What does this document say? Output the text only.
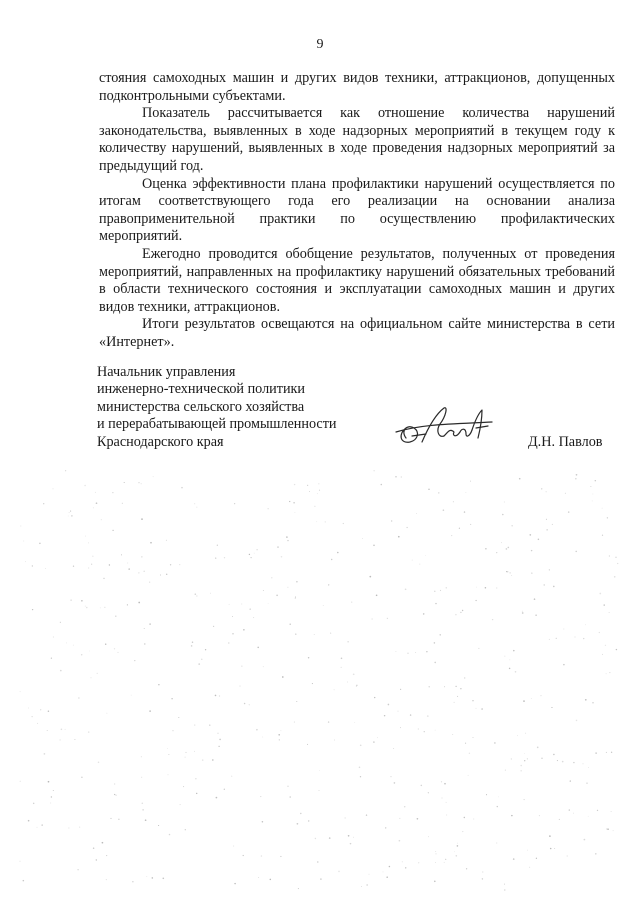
9

стояния самоходных машин и других видов техники, аттракционов, допущенных подконтрольными субъектами.

Показатель рассчитывается как отношение количества нарушений законодательства, выявленных в ходе надзорных мероприятий в текущем году к количеству нарушений, выявленных в ходе проведения надзорных мероприятий за предыдущий год.

Оценка эффективности плана профилактики нарушений осуществляется по итогам соответствующего года его реализации на основании анализа правоприменительной практики по осуществлению профилактических мероприятий.

Ежегодно проводится обобщение результатов, полученных от проведения мероприятий, направленных на профилактику нарушений обязательных требований в области технического состояния и эксплуатации самоходных машин и других видов техники, аттракционов.

Итоги результатов освещаются на официальном сайте министерства в сети «Интернет».

Начальник управления
инженерно-технической политики
министерства сельского хозяйства
и перерабатывающей промышленности
Краснодарского края	Д.Н. Павлов
